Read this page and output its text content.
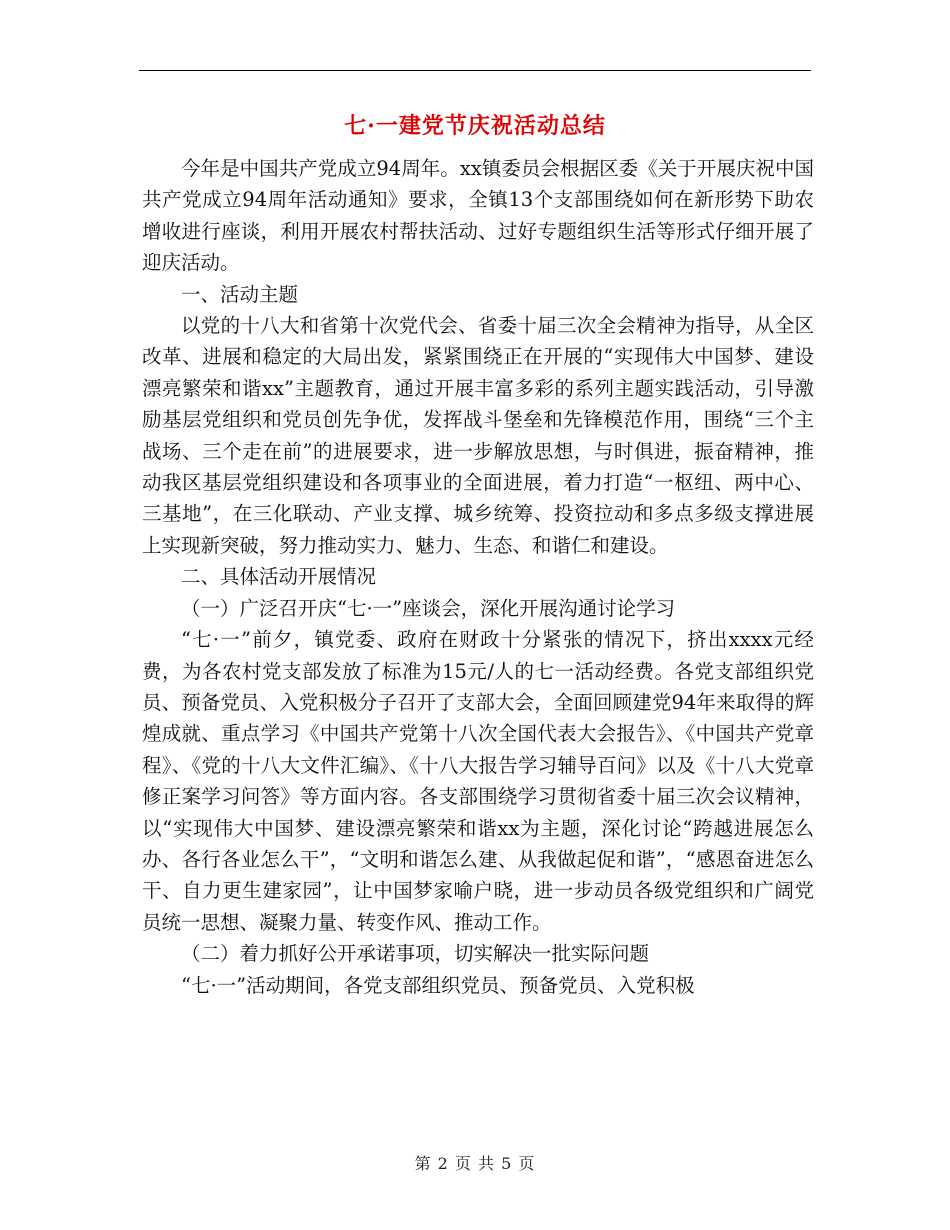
七·一建党节庆祝活动总结

今年是中国共产党成立94周年。xx镇委员会根据区委《关于开展庆祝中国共产党成立94周年活动通知》要求，全镇13个支部围绕如何在新形势下助农增收进行座谈，利用开展农村帮扶活动、过好专题组织生活等形式仔细开展了迎庆活动。

一、活动主题

以党的十八大和省第十次党代会、省委十届三次全会精神为指导，从全区改革、进展和稳定的大局出发，紧紧围绕正在开展的“实现伟大中国梦、建设漂亮繁荣和谐xx”主题教育，通过开展丰富多彩的系列主题实践活动，引导激励基层党组织和党员创先争优，发挥战斗堡垒和先锋模范作用，围绕“三个主战场、三个走在前”的进展要求，进一步解放思想，与时俱进，振奋精神，推动我区基层党组织建设和各项事业的全面进展，着力打造“一枢纽、两中心、三基地”，在三化联动、产业支撑、城乡统筹、投资拉动和多点多级支撑进展上实现新突破，努力推动实力、魅力、生态、和谐仁和建设。

二、具体活动开展情况

（一）广泛召开庆“七·一”座谈会，深化开展沟通讨论学习

“七·一”前夕，镇党委、政府在财政十分紧张的情况下，挤出xxxx元经费，为各农村党支部发放了标准为15元/人的七一活动经费。各党支部组织党员、预备党员、入党积极分子召开了支部大会，全面回顾建党94年来取得的辉煌成就、重点学习《中国共产党第十八次全国代表大会报告》、《中国共产党章程》、《党的十八大文件汇编》、《十八大报告学习辅导百问》以及《十八大党章修正案学习问答》等方面内容。各支部围绕学习贯彻省委十届三次会议精神，以“实现伟大中国梦、建设漂亮繁荣和谐xx为主题，深化讨论“跨越进展怎么办、各行各业怎么干”，“文明和谐怎么建、从我做起促和谐”，“感恩奋进怎么干、自力更生建家园”，让中国梦家喻户晓，进一步动员各级党组织和广阔党员统一思想、凝聚力量、转变作风、推动工作。

（二）着力抓好公开承诺事项，切实解决一批实际问题

“七·一”活动期间，各党支部组织党员、预备党员、入党积极

第 2 页 共 5 页
